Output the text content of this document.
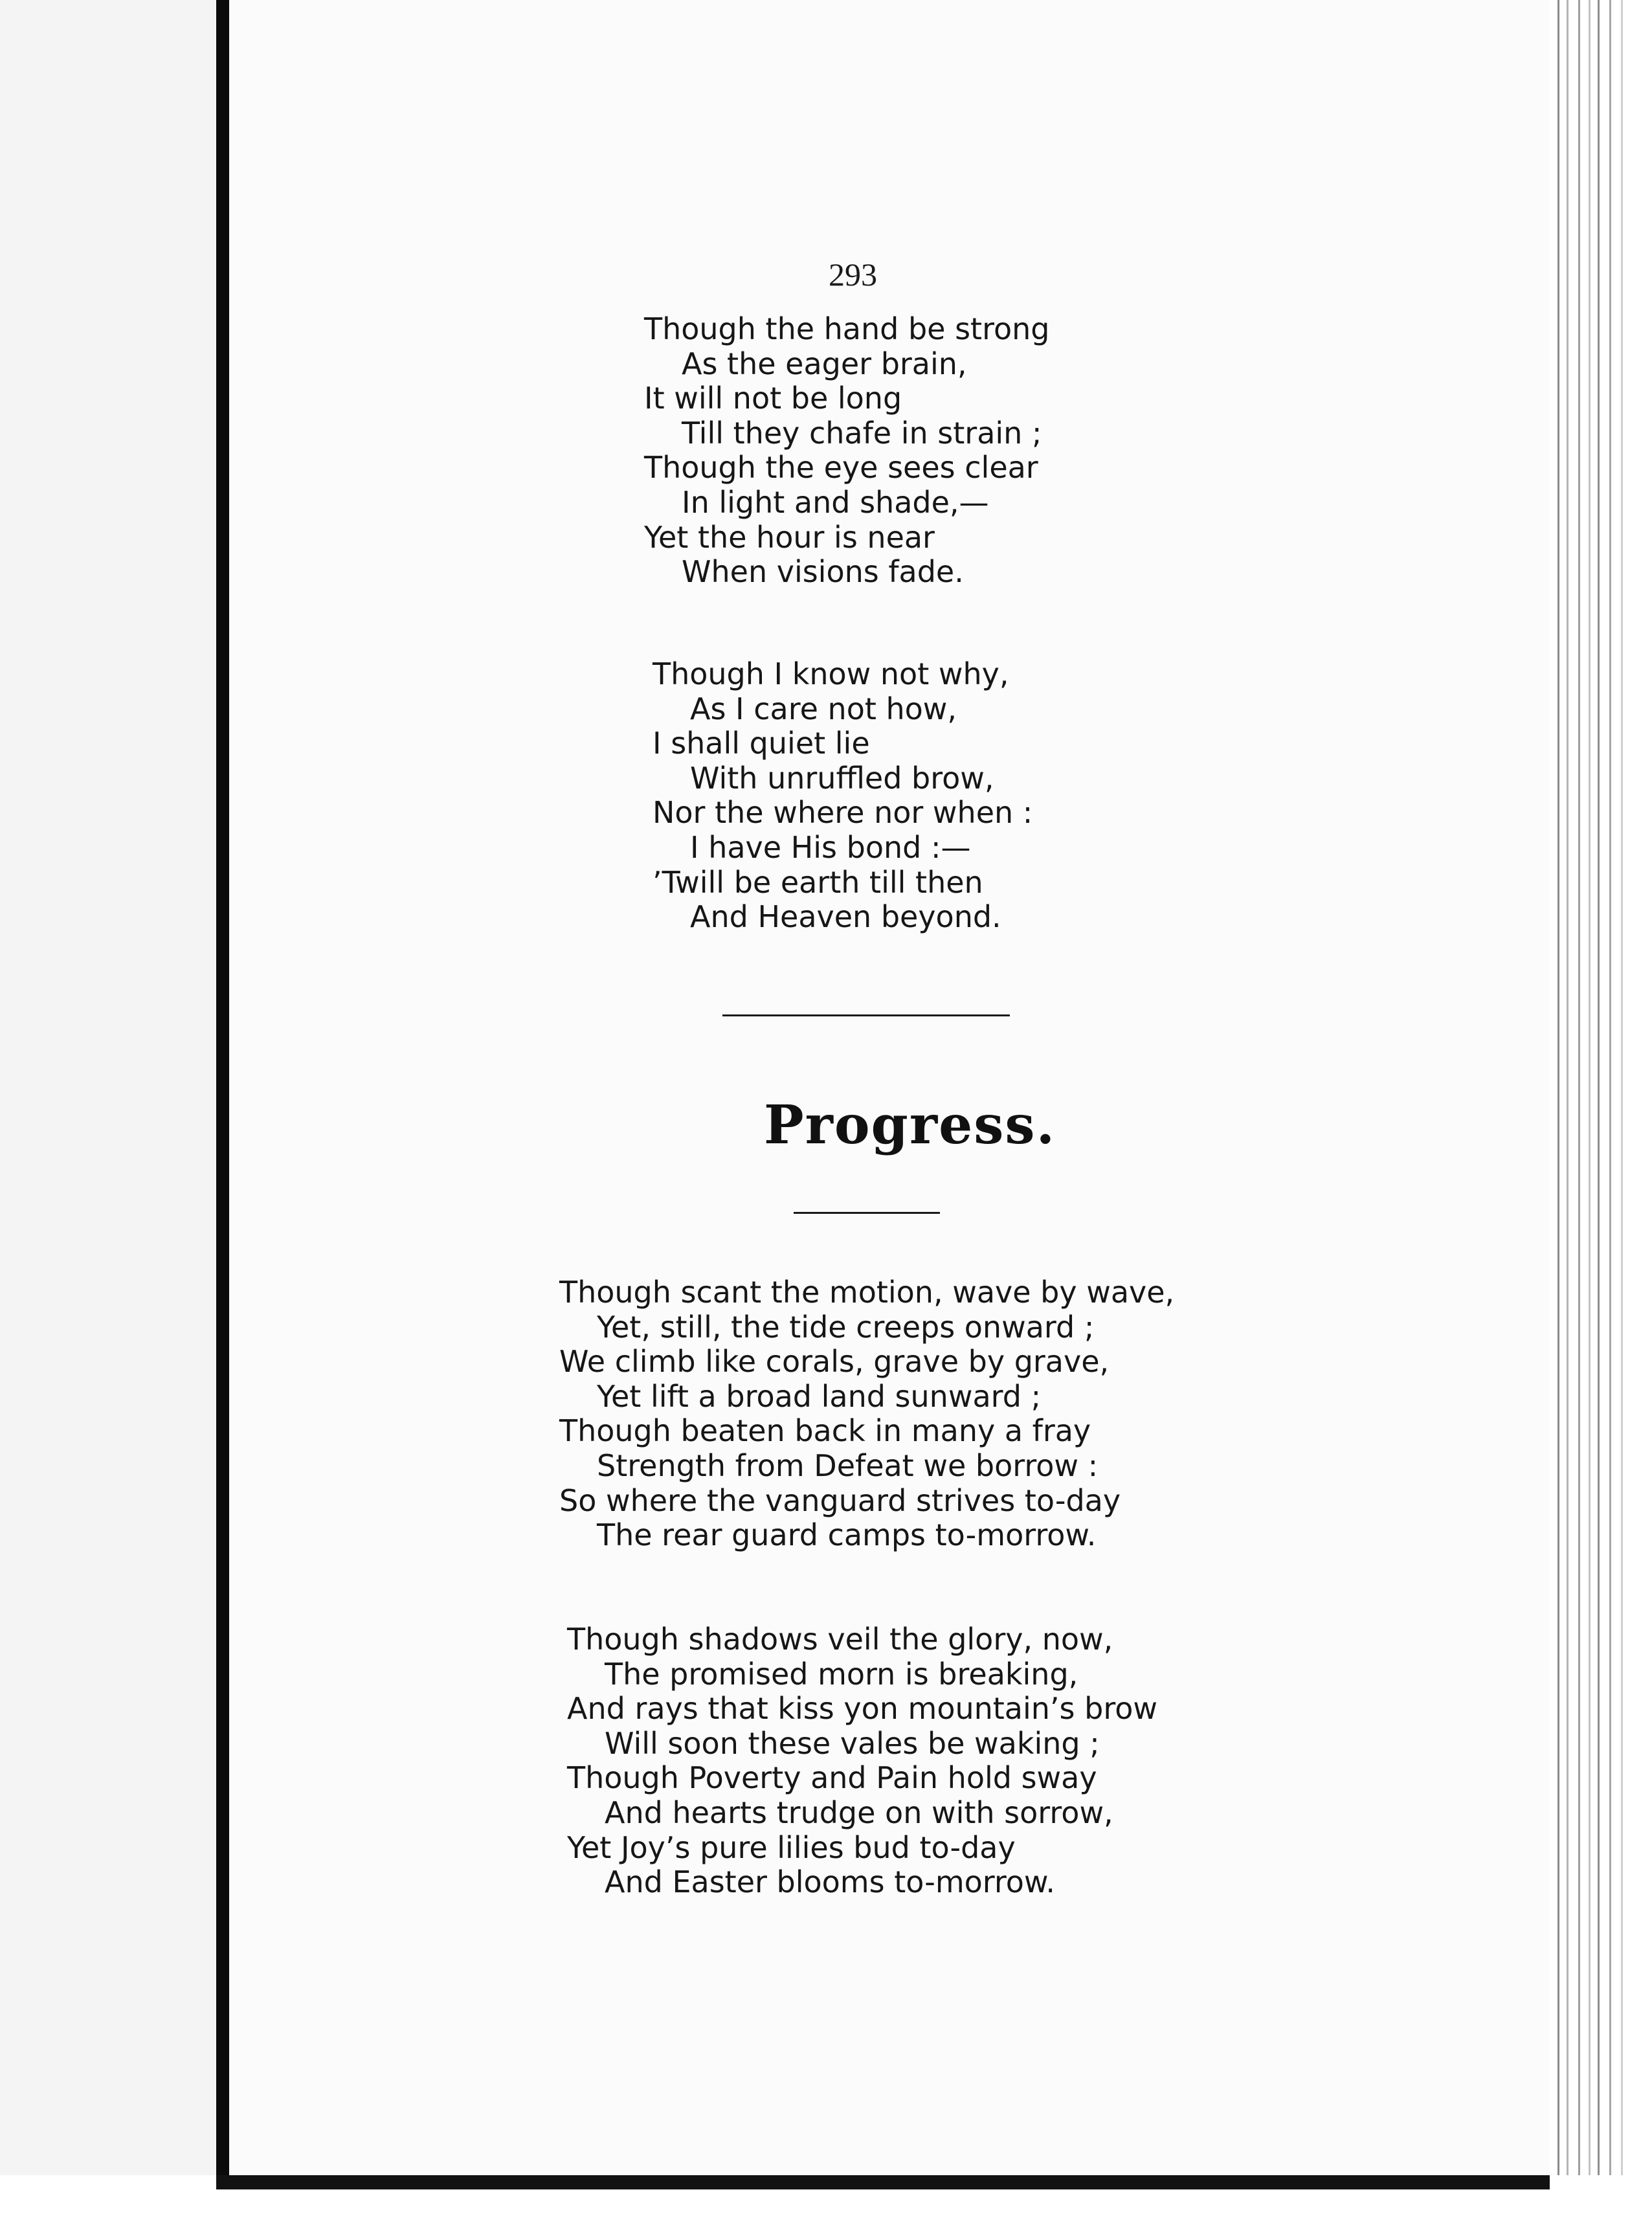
293
Though the hand be strong
As the eager brain,
It will not be long
Till they chafe in strain ;
Though the eye sees clear
In light and shade,—
Yet the hour is near
When visions fade.
Though I know not why,
As I care not how,
I shall quiet lie
With unruffled brow,
Nor the where nor when :
I have His bond :—
’Twill be earth till then
And Heaven beyond.
Progress.
Though scant the motion, wave by wave,
Yet, still, the tide creeps onward ;
We climb like corals, grave by grave,
Yet lift a broad land sunward ;
Though beaten back in many a fray
Strength from Defeat we borrow :
So where the vanguard strives to-day
The rear guard camps to-morrow.
Though shadows veil the glory, now,
The promised morn is breaking,
And rays that kiss yon mountain’s brow
Will soon these vales be waking ;
Though Poverty and Pain hold sway
And hearts trudge on with sorrow,
Yet Joy’s pure lilies bud to-day
And Easter blooms to-morrow.
